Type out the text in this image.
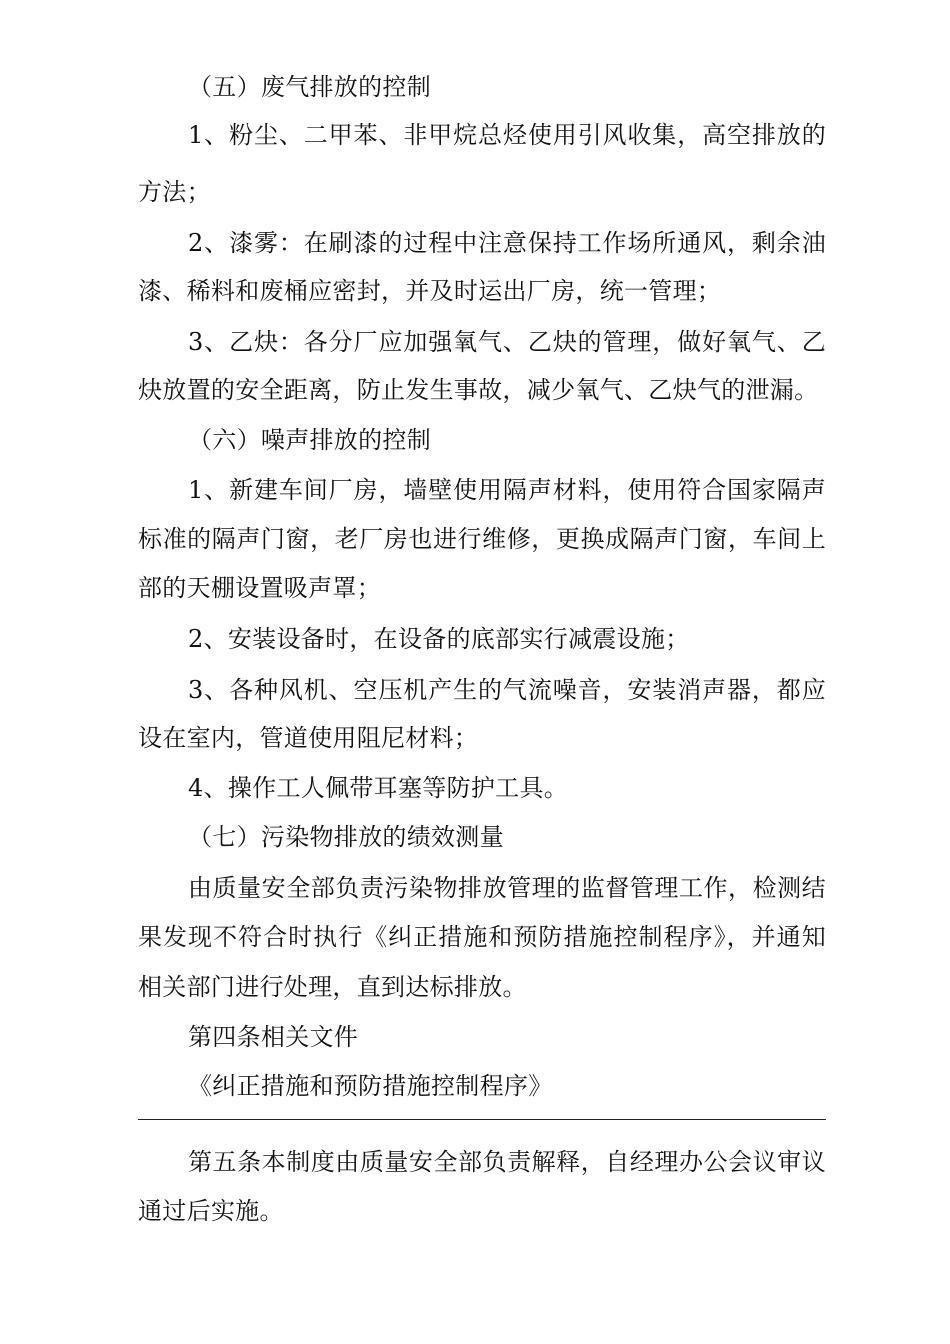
（五）废气排放的控制
1、粉尘、二甲苯、非甲烷总烃使用引风收集，高空排放的
方法；
2、漆雾：在刷漆的过程中注意保持工作场所通风，剩余油
漆、稀料和废桶应密封，并及时运出厂房，统一管理；
3、乙炔：各分厂应加强氧气、乙炔的管理，做好氧气、乙
炔放置的安全距离，防止发生事故，减少氧气、乙炔气的泄漏。
（六）噪声排放的控制
1、新建车间厂房，墙壁使用隔声材料，使用符合国家隔声
标准的隔声门窗，老厂房也进行维修，更换成隔声门窗，车间上
部的天棚设置吸声罩；
2、安装设备时，在设备的底部实行减震设施；
3、各种风机、空压机产生的气流噪音，安装消声器，都应
设在室内，管道使用阻尼材料；
4、操作工人佩带耳塞等防护工具。
（七）污染物排放的绩效测量
由质量安全部负责污染物排放管理的监督管理工作，检测结
果发现不符合时执行《纠正措施和预防措施控制程序》，并通知
相关部门进行处理，直到达标排放。
第四条相关文件
《纠正措施和预防措施控制程序》
第五条本制度由质量安全部负责解释，自经理办公会议审议
通过后实施。
